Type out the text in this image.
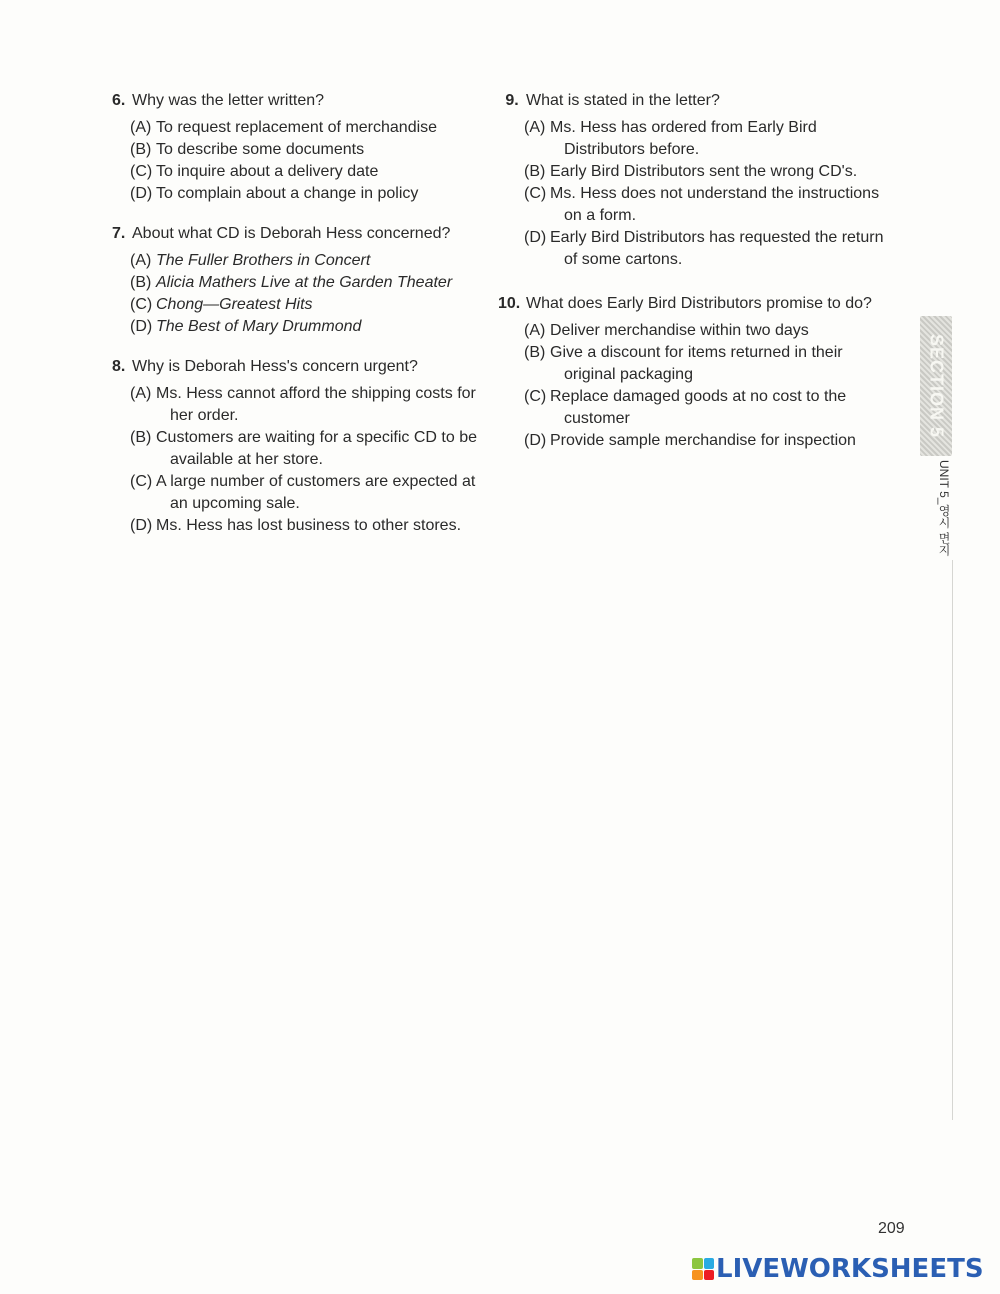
6. Why was the letter written?
(A) To request replacement of merchandise
(B) To describe some documents
(C) To inquire about a delivery date
(D) To complain about a change in policy
7. About what CD is Deborah Hess concerned?
(A) The Fuller Brothers in Concert
(B) Alicia Mathers Live at the Garden Theater
(C) Chong—Greatest Hits
(D) The Best of Mary Drummond
8. Why is Deborah Hess's concern urgent?
(A) Ms. Hess cannot afford the shipping costs for her order.
(B) Customers are waiting for a specific CD to be available at her store.
(C) A large number of customers are expected at an upcoming sale.
(D) Ms. Hess has lost business to other stores.
9. What is stated in the letter?
(A) Ms. Hess has ordered from Early Bird Distributors before.
(B) Early Bird Distributors sent the wrong CD's.
(C) Ms. Hess does not understand the instructions on a form.
(D) Early Bird Distributors has requested the return of some cartons.
10. What does Early Bird Distributors promise to do?
(A) Deliver merchandise within two days
(B) Give a discount for items returned in their original packaging
(C) Replace damaged goods at no cost to the customer
(D) Provide sample merchandise for inspection
SECTION 5
UNIT 5_영시 면지
209
LIVEWORKSHEETS
